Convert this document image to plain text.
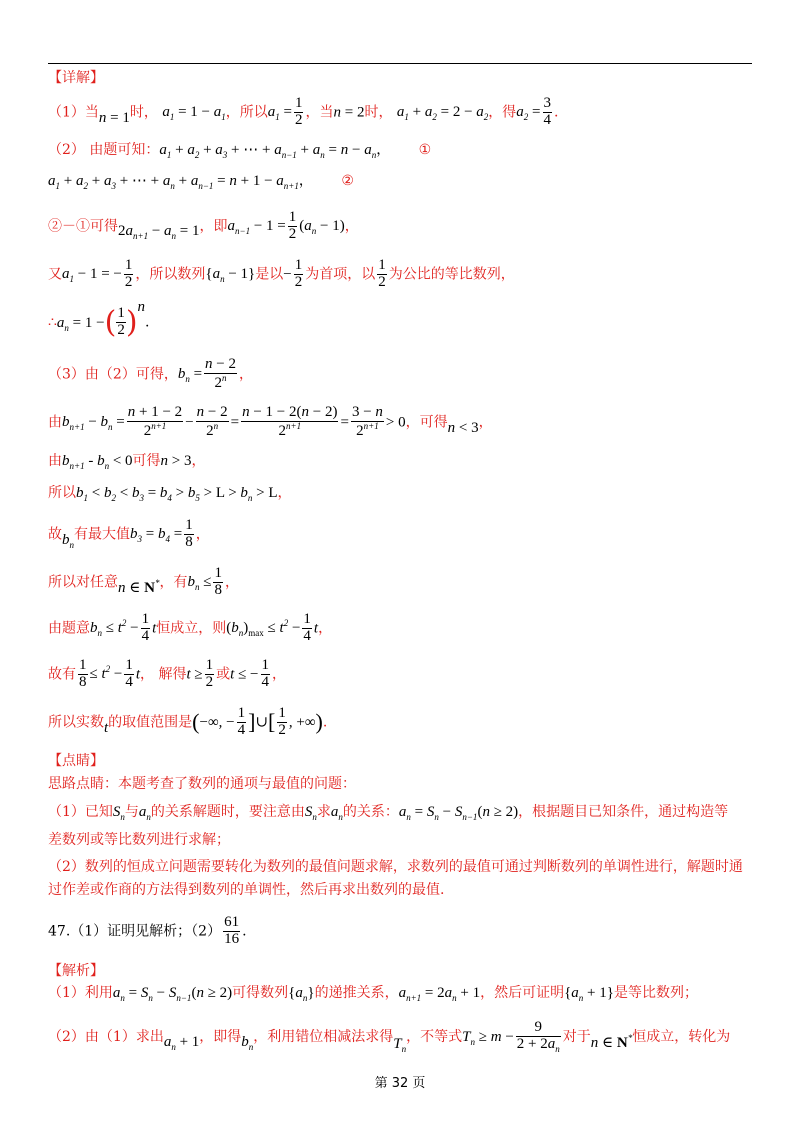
【详解】
（1）当n = 1时， $a_1 = 1 - a_1$，所以$a_1 = \frac{1}{2}$ ，当n = 2时， $a_1 + a_2 = 2 - a_2$，得$a_2 = \frac{3}{4}$ .
（2） 由题可知：$a_1 + a_2 + a_3$ + ⋯ + $a_{n-1} + a_n = n - a_n$， ①
$a_1 + a_2 + a_3$ + ⋯ + $a_n + a_{n-1} = n + 1 - a_{n+1}$， ②
②－①可得$2a_{n+1} - a_n = 1$，即$a_{n-1} - 1 = \frac{1}{2} (a_n - 1)$，
又$a_1 - 1$ = − $\frac{1}{2}$ ，所以数列$\{a_n - 1\}$是以− $\frac{1}{2}$ 为首项，以 $\frac{1}{2}$ 为公比的等比数列，
$\therefore a_n = 1$ −( $\frac{1}{2} )^n$.
（3）由（2）可得，$b_n = \frac{n - 2}{2^n}$ ，
由$b_{n+1} - b_n = \frac{n + 1 - 2}{2^{n+1}} - \frac{n - 2}{2^n} = \frac{n - 1 - 2(n - 2)}{2^{n+1}} = \frac{3 - n}{2^{n+1}} > 0$，可得n < 3，
由$b_{n+1} - b_n < 0$可得n > 3，
所以$b_1 < b_2 < b_3 = b_4 > b_5 > L > b_n > L$，
故$b_n$有最大值$b_3 = b_4 = \frac{1}{8}$ ，
所以对任意n ∈ N*，有$b_n \le \frac{1}{8}$ ，
由题意$b_n \le t^2 - \frac{1}{4}$ t恒成立，则$(b_n)_{max} \le t^2 - \frac{1}{4}$ t，
故有 $\frac{1}{8} \le t^2 - \frac{1}{4}$ t， 解得$t \ge \frac{1}{2}$ 或t ≤ − $\frac{1}{4}$ ，
所以实数t的取值范围是(−∞, − $\frac{1}{4}$ ]∪[ $\frac{1}{2}$ , +∞).
【点睛】
思路点睛：本题考查了数列的通项与最值的问题：
（1）已知$S_n$与$a_n$的关系解题时，要注意由$S_n$求$a_n$的关系：$a_n = S_n - S_{n-1}(n \ge 2)$，根据题目已知条件，通过构造等
差数列或等比数列进行求解；
（2）数列的恒成立问题需要转化为数列的最值问题求解，求数列的最值可通过判断数列的单调性进行，解题时通
过作差或作商的方法得到数列的单调性，然后再求出数列的最值.
47.（1）证明见解析；$(2) \frac{61}{16}$ .
【解析】
（1）利用$a_n = S_n - S_{n-1}(n \ge 2)$可得数列$\{a_n\}$的递推关系，$a_{n+1} = 2a_n + 1$，然后可证明$\{a_n + 1\}$是等比数列；
（2）由（1）求出$a_n + 1$，即得$b_n$，利用错位相减法求得$T_n$，不等式$T_n \ge m - \frac{9}{2 + 2a_n}$ 对于n ∈ N*恒成立，转化为
第 32 页
